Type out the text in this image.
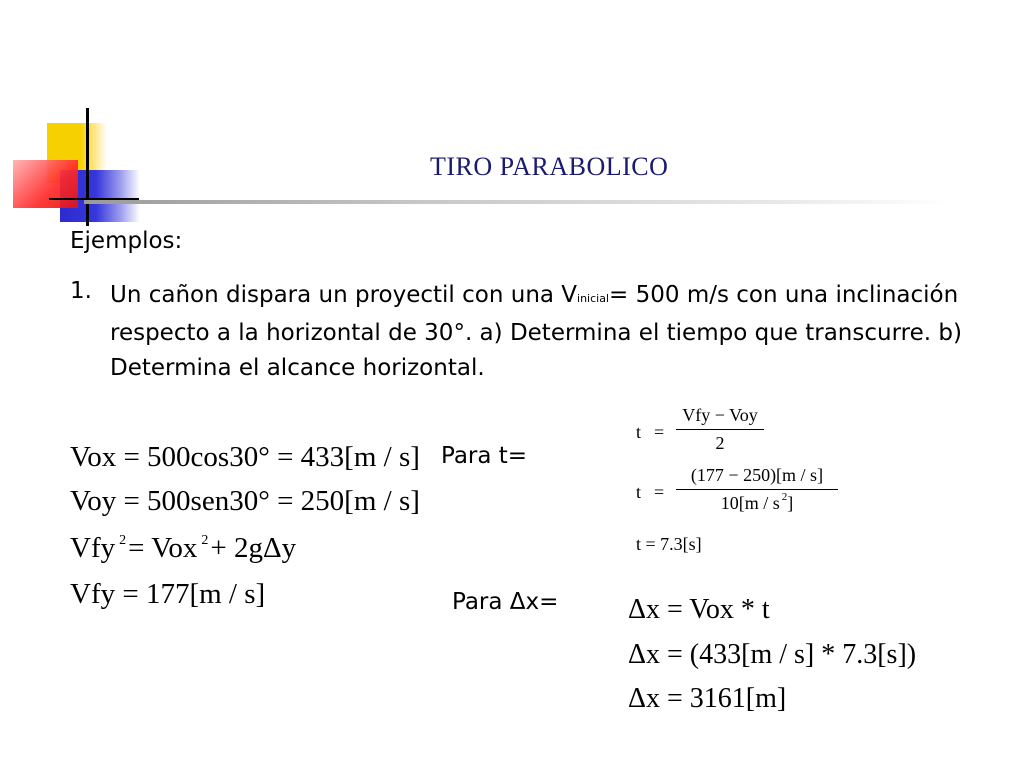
TIRO PARABOLICO
Ejemplos:
1. Un cañon dispara un proyectil con una Vinicial= 500 m/s con una inclinación respecto a la horizontal de 30°. a) Determina el tiempo que transcurre. b) Determina el alcance horizontal.
Vox = 500cos30° = 433[m / s]
Voy = 500sen30° = 250[m / s]
Vfy $^2$= Vox $^2$+ 2gΔy
Vfy = 177[m / s]
Para t=
t =
Vfy − Voy
2
t =
(177 − 250)[m / s]
10[m / s $^2$]
t = 7.3[s]
Para Δx= Δx = Vox * t
Δx = (433[m / s] * 7.3[s])
Δx = 3161[m]
